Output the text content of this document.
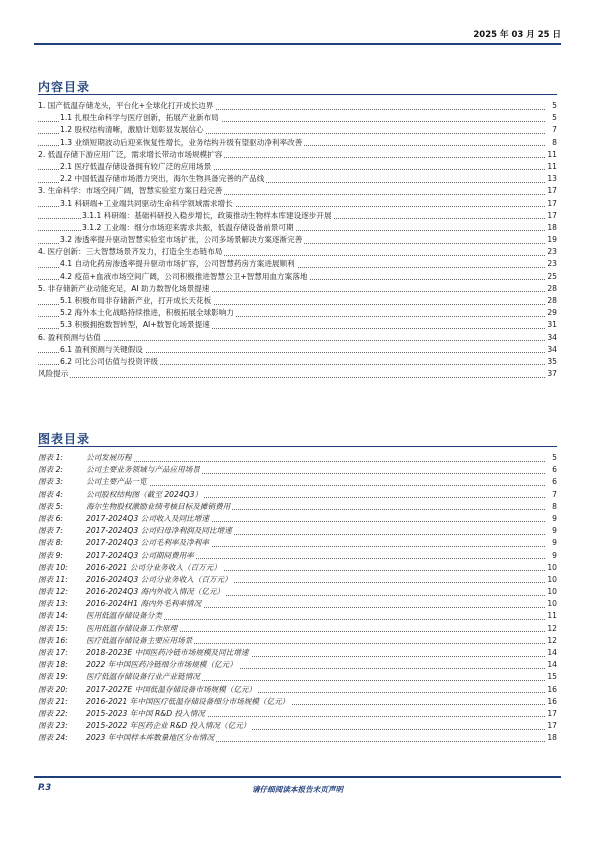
2025 年 03 月 25 日
内容目录
1. 国产低温存储龙头，平台化+全球化打开成长边界	5
1.1 扎根生命科学与医疗创新，拓展产业新布局	5
1.2 股权结构清晰，激励计划彰显发展信心	7
1.3 业绩短期波动后迎来恢复性增长，业务结构升级有望驱动净利率改善	8
2. 低温存储下游应用广泛，需求增长带动市场规模扩容	11
2.1 医疗低温存储设备拥有较广泛的应用场景	11
2.2 中国低温存储市场潜力突出，海尔生物具备完善的产品线	13
3. 生命科学：市场空间广阔，智慧实验室方案日趋完善	17
3.1 科研端+工业端共同驱动生命科学领域需求增长	17
3.1.1 科研端：基础科研投入稳步增长，政策推动生物样本库建设逐步开展	17
3.1.2 工业端：细分市场迎来需求共振，低温存储设备前景可期	18
3.2 渗透率提升驱动智慧实验室市场扩张，公司多场景解决方案逐渐完善	19
4. 医疗创新：三大智慧场景齐发力，打造全生态链布局	23
4.1 自动化药房渗透率提升驱动市场扩容，公司智慧药房方案进展顺利	23
4.2 疫苗+血液市场空间广阔，公司积极推进智慧公卫+智慧用血方案落地	25
5. 非存储新产业动能充足，AI 助力数智化场景提速	28
5.1 积极布局非存储新产业，打开成长天花板	28
5.2 海外本土化战略持续推进，积极拓展全球影响力	29
5.3 积极拥抱数智转型，AI+数智化场景提速	31
6. 盈利预测与估值	34
6.1 盈利预测与关键假设	34
6.2 可比公司估值与投资评级	35
风险提示	37
图表目录
图表 1:	公司发展历程	5
图表 2:	公司主要业务领域与产品应用场景	6
图表 3:	公司主要产品一览	6
图表 4:	公司股权结构图（截至 2024Q3）	7
图表 5:	海尔生物股权激励业绩考核目标及摊销费用	8
图表 6:	2017-2024Q3 公司收入及同比增速	9
图表 7:	2017-2024Q3 公司归母净利润及同比增速	9
图表 8:	2017-2024Q3 公司毛利率及净利率	9
图表 9:	2017-2024Q3 公司期间费用率	9
图表 10: 2016-2021 公司分业务收入（百万元）	10
图表 11: 2016-2024Q3 公司分业务收入（百万元）	10
图表 12: 2016-2024Q3 海内外收入情况（亿元）	10
图表 13: 2016-2024H1 海内外毛利率情况	10
图表 14: 医用低温存储设备分类	11
图表 15: 医用低温存储设备工作原理	12
图表 16: 医疗低温存储设备主要应用场景	12
图表 17: 2018-2023E 中国医药冷链市场规模及同比增速	14
图表 18: 2022 年中国医药冷链细分市场规模（亿元）	14
图表 19: 医疗低温存储设备行业产业链情况	15
图表 20: 2017-2027E 中国低温存储设备市场规模（亿元）	16
图表 21: 2016-2021 年中国医疗低温存储设备细分市场规模（亿元）	16
图表 22: 2015-2023 年中国 R&D 投入情况	17
图表 23: 2015-2022 年医药企业 R&D 投入情况（亿元）	17
图表 24: 2023 年中国样本库数量地区分布情况	18
P.3	请仔细阅读本报告末页声明
